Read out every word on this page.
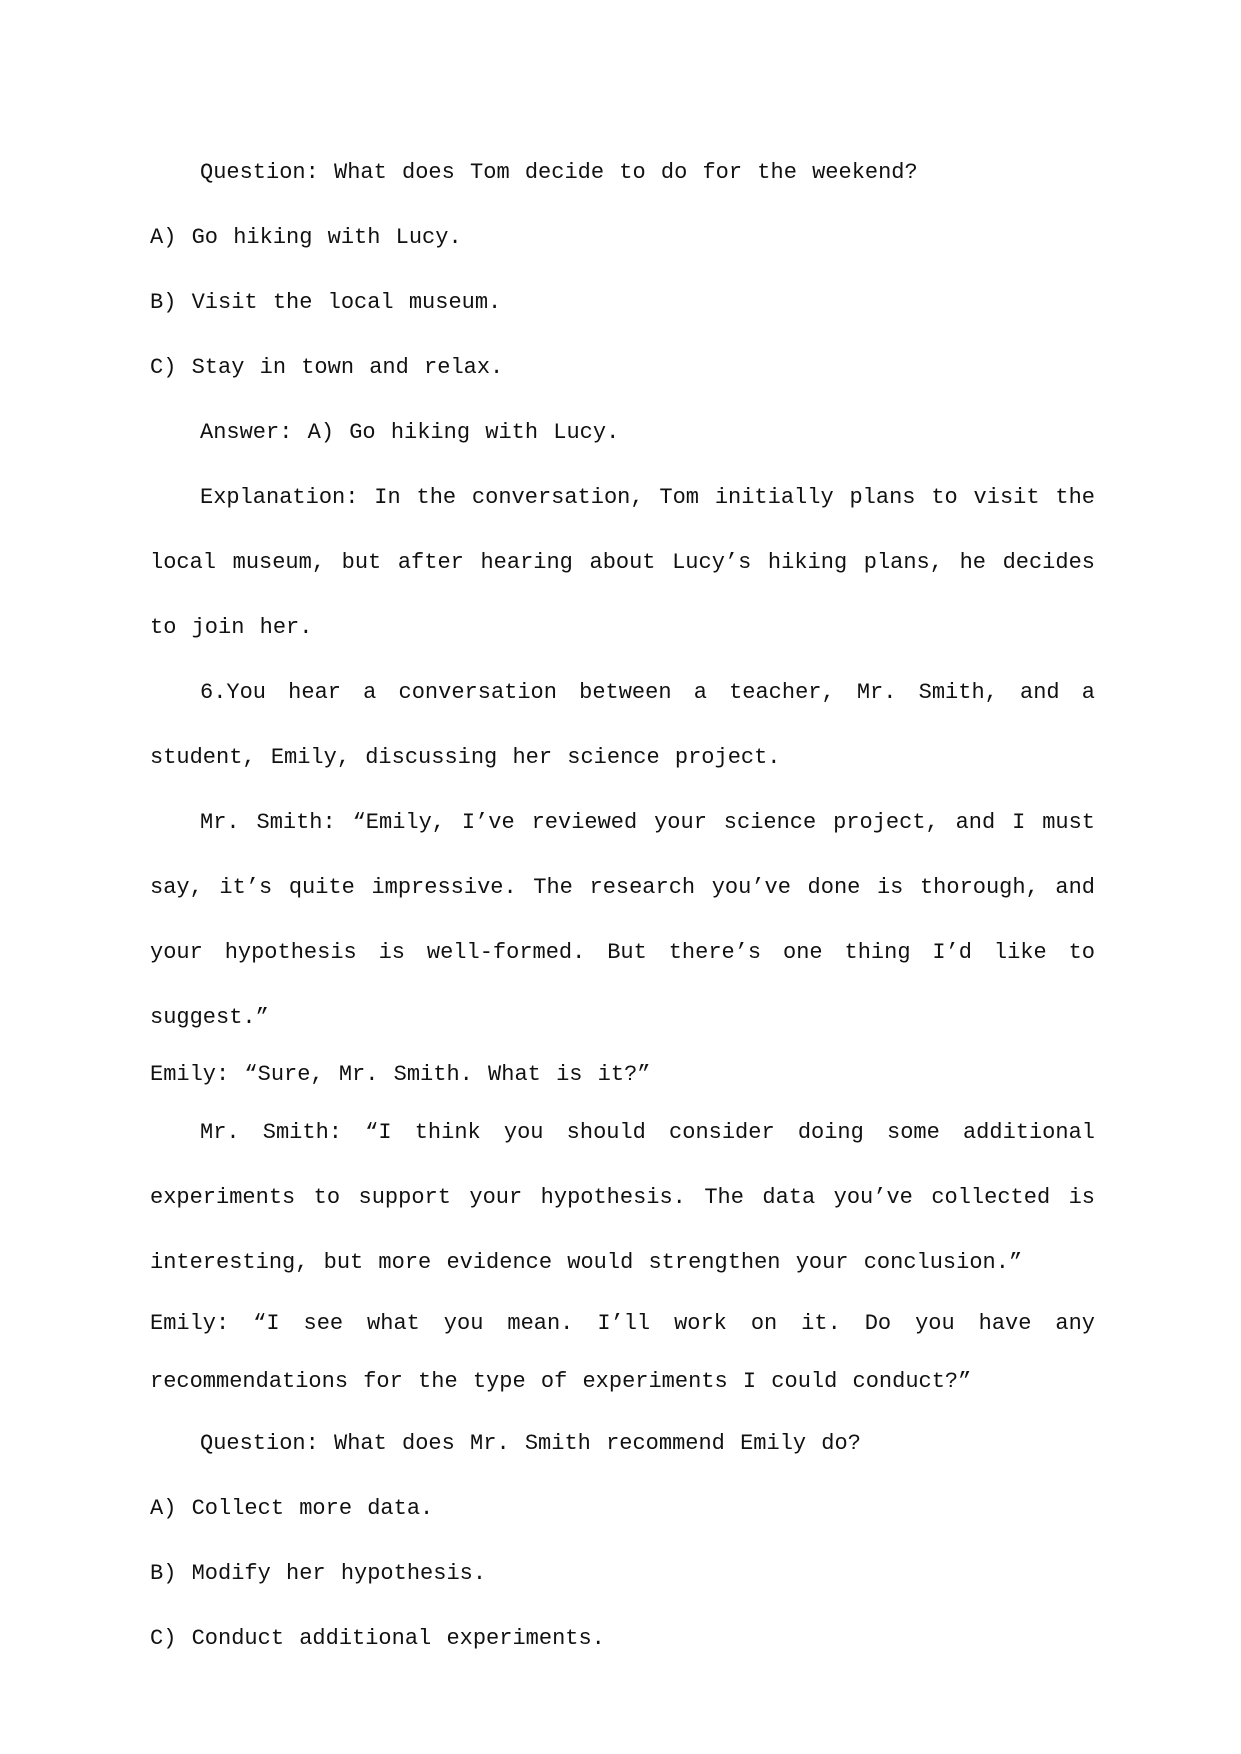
Question: What does Tom decide to do for the weekend?

A) Go hiking with Lucy.

B) Visit the local museum.

C) Stay in town and relax.

Answer: A) Go hiking with Lucy.

Explanation: In the conversation, Tom initially plans to visit the local museum, but after hearing about Lucy’s hiking plans, he decides to join her.

6.You hear a conversation between a teacher, Mr. Smith, and a student, Emily, discussing her science project.

Mr. Smith: “Emily, I’ve reviewed your science project, and I must say, it’s quite impressive. The research you’ve done is thorough, and your hypothesis is well-formed. But there’s one thing I’d like to suggest.”

Emily: “Sure, Mr. Smith. What is it?”

Mr. Smith: “I think you should consider doing some additional experiments to support your hypothesis. The data you’ve collected is interesting, but more evidence would strengthen your conclusion.”

Emily: “I see what you mean. I’ll work on it. Do you have any recommendations for the type of experiments I could conduct?”

Question: What does Mr. Smith recommend Emily do?

A) Collect more data.

B) Modify her hypothesis.

C) Conduct additional experiments.
